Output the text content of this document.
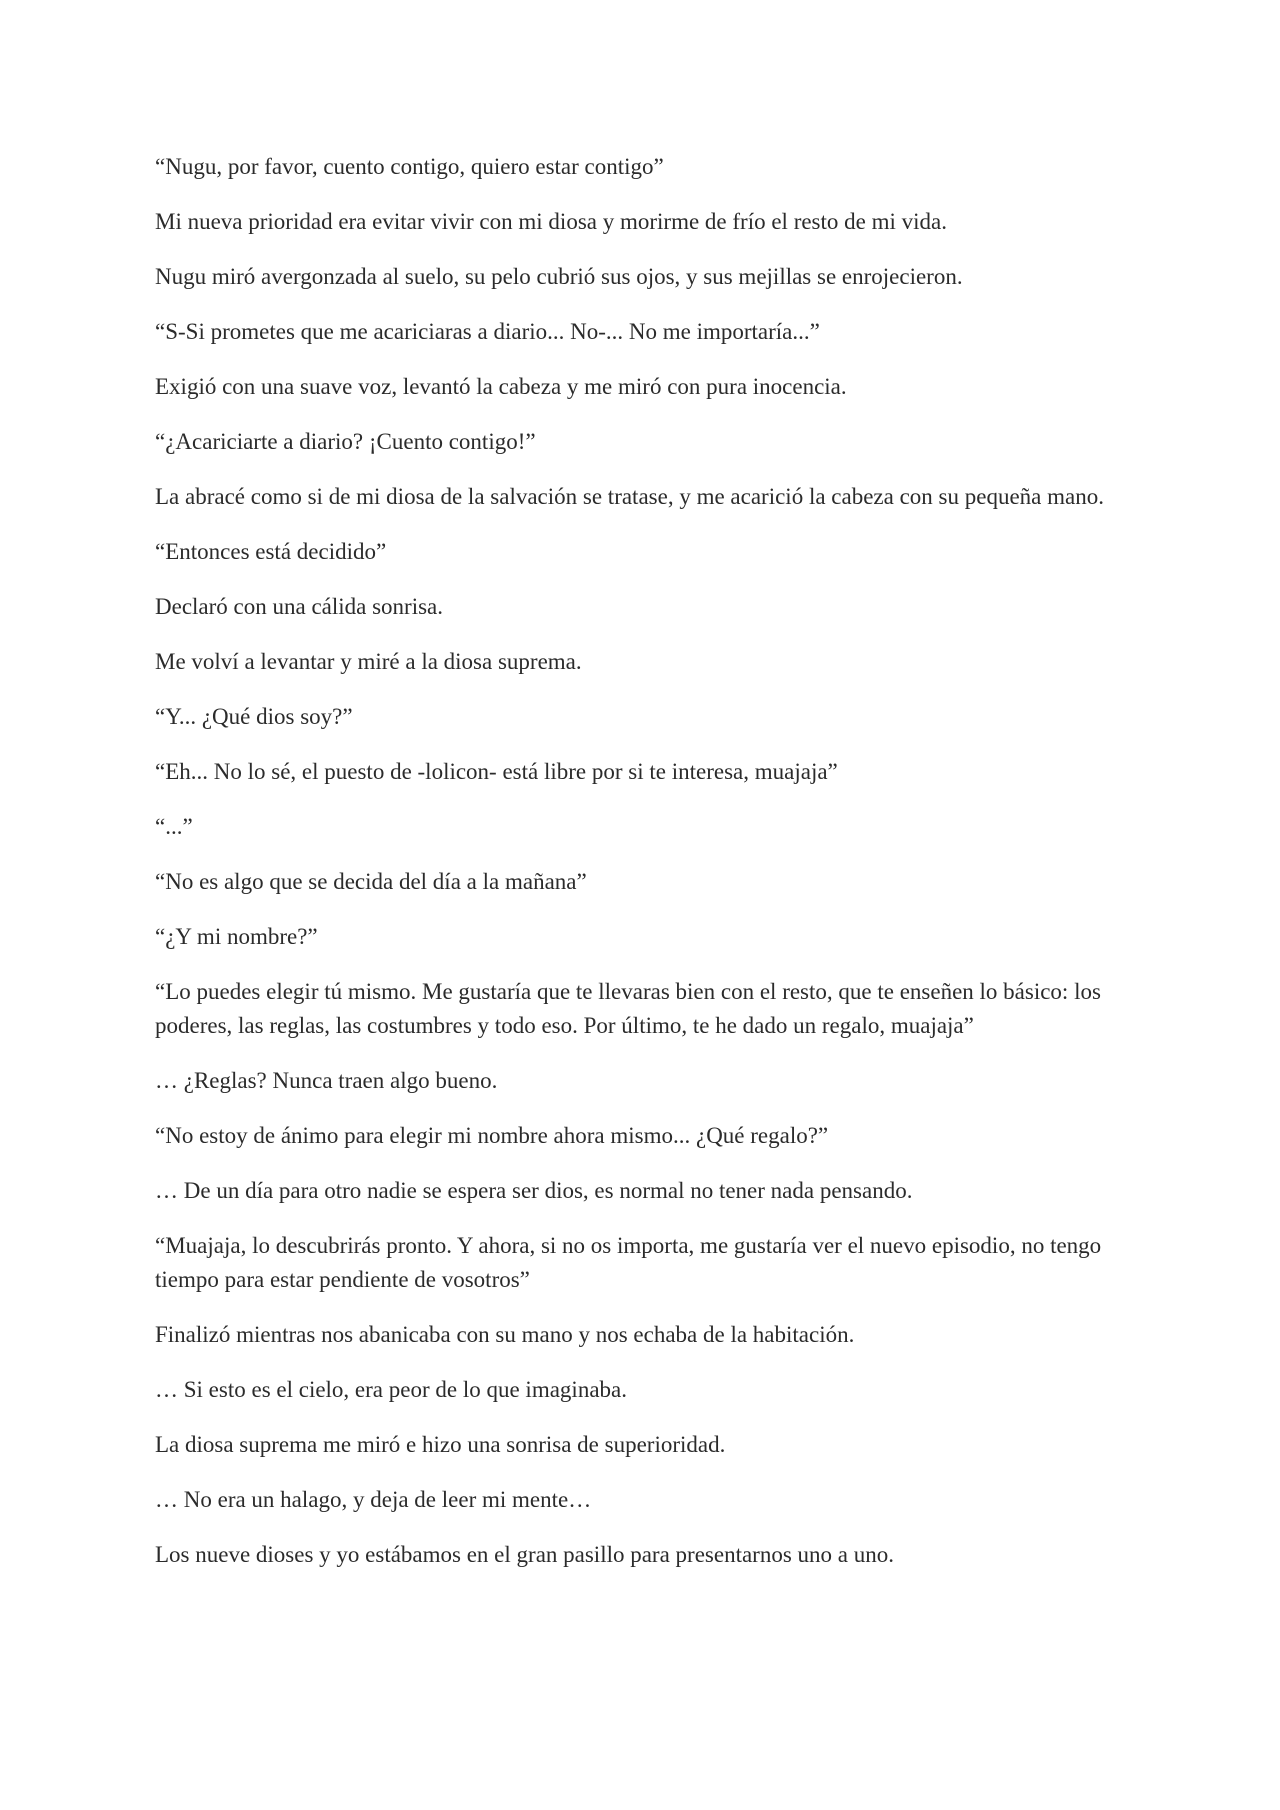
“Nugu, por favor, cuento contigo, quiero estar contigo”

Mi nueva prioridad era evitar vivir con mi diosa y morirme de frío el resto de mi vida.

Nugu miró avergonzada al suelo, su pelo cubrió sus ojos, y sus mejillas se enrojecieron.

“S-Si prometes que me acariciaras a diario... No-... No me importaría...”

Exigió con una suave voz, levantó la cabeza y me miró con pura inocencia.

“¿Acariciarte a diario? ¡Cuento contigo!”

La abracé como si de mi diosa de la salvación se tratase, y me acarició la cabeza con su pequeña mano.

“Entonces está decidido”

Declaró con una cálida sonrisa.

Me volví a levantar y miré a la diosa suprema.

“Y... ¿Qué dios soy?”

“Eh... No lo sé, el puesto de -lolicon- está libre por si te interesa, muajaja”

“...”

“No es algo que se decida del día a la mañana”

“¿Y mi nombre?”

“Lo puedes elegir tú mismo. Me gustaría que te llevaras bien con el resto, que te enseñen lo básico: los poderes, las reglas, las costumbres y todo eso. Por último, te he dado un regalo, muajaja”

… ¿Reglas? Nunca traen algo bueno.

“No estoy de ánimo para elegir mi nombre ahora mismo... ¿Qué regalo?”

… De un día para otro nadie se espera ser dios, es normal no tener nada pensando.

“Muajaja, lo descubrirás pronto. Y ahora, si no os importa, me gustaría ver el nuevo episodio, no tengo tiempo para estar pendiente de vosotros”

Finalizó mientras nos abanicaba con su mano y nos echaba de la habitación.

… Si esto es el cielo, era peor de lo que imaginaba.

La diosa suprema me miró e hizo una sonrisa de superioridad.

… No era un halago, y deja de leer mi mente…

Los nueve dioses y yo estábamos en el gran pasillo para presentarnos uno a uno.
